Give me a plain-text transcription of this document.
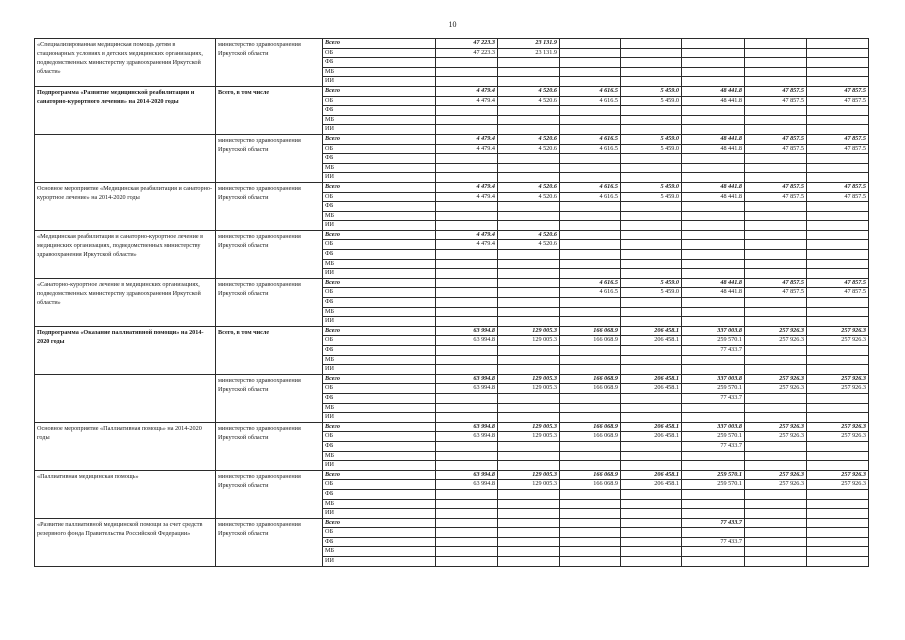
10
«Специализированная медицинская помощь детям в стационарных условиях в детских медицинских организациях, подведомственных министерству здравоохранения Иркутской области»	министерство здравоохранения Иркутской области	Всего	47 223.3	23 131.9					
		ОБ	47 223.3	23 131.9					
		ФБ							
		МБ							
		ИИ							
Подпрограмма «Развитие медицинской реабилитации и санаторно-курортного лечения» на 2014-2020 годы	Всего, в том числе	Всего	4 479.4	4 520.6	4 616.5	5 459.0	48 441.8	47 857.5	47 857.5
		ОБ	4 479.4	4 520.6	4 616.5	5 459.0	48 441.8	47 857.5	47 857.5
		ФБ							
		МБ							
		ИИ							
	министерство здравоохранения Иркутской области	Всего	4 479.4	4 520.6	4 616.5	5 459.0	48 441.8	47 857.5	47 857.5
		ОБ	4 479.4	4 520.6	4 616.5	5 459.0	48 441.8	47 857.5	47 857.5
		ФБ							
		МБ							
		ИИ							
Основное мероприятие «Медицинская реабилитация и санаторно-курортное лечение» на 2014-2020 годы	министерство здравоохранения Иркутской области	Всего	4 479.4	4 520.6	4 616.5	5 459.0	48 441.8	47 857.5	47 857.5
		ОБ	4 479.4	4 520.6	4 616.5	5 459.0	48 441.8	47 857.5	47 857.5
		ФБ							
		МБ							
		ИИ							
«Медицинская реабилитация и санаторно-курортное лечение в медицинских организациях, подведомственных министерству здравоохранения Иркутской области»	министерство здравоохранения Иркутской области	Всего	4 479.4	4 520.6					
		ОБ	4 479.4	4 520.6					
		ФБ							
		МБ							
		ИИ							
«Санаторно-курортное лечение в медицинских организациях, подведомственных министерству здравоохранения Иркутской области»	министерство здравоохранения Иркутской области	Всего			4 616.5	5 459.0	48 441.8	47 857.5	47 857.5
		ОБ			4 616.5	5 459.0	48 441.8	47 857.5	47 857.5
		ФБ							
		МБ							
		ИИ							
Подпрограмма «Оказание паллиативной помощи» на 2014-2020 годы	Всего, в том числе	Всего	63 994.8	129 005.3	166 068.9	206 458.1	337 003.8	257 926.3	257 926.3
		ОБ	63 994.8	129 005.3	166 068.9	206 458.1	259 570.1	257 926.3	257 926.3
		ФБ					77 433.7		
		МБ							
		ИИ							
	министерство здравоохранения Иркутской области	Всего	63 994.8	129 005.3	166 068.9	206 458.1	337 003.8	257 926.3	257 926.3
		ОБ	63 994.8	129 005.3	166 068.9	206 458.1	259 570.1	257 926.3	257 926.3
		ФБ					77 433.7		
		МБ							
		ИИ							
Основное мероприятие «Паллиативная помощь» на 2014-2020 годы	министерство здравоохранения Иркутской области	Всего	63 994.8	129 005.3	166 068.9	206 458.1	337 003.8	257 926.3	257 926.3
		ОБ	63 994.8	129 005.3	166 068.9	206 458.1	259 570.1	257 926.3	257 926.3
		ФБ					77 433.7		
		МБ							
		ИИ							
«Паллиативная медицинская помощь»	министерство здравоохранения Иркутской области	Всего	63 994.8	129 005.3	166 068.9	206 458.1	259 570.1	257 926.3	257 926.3
		ОБ	63 994.8	129 005.3	166 068.9	206 458.1	259 570.1	257 926.3	257 926.3
		ФБ							
		МБ							
		ИИ							
«Развитие паллиативной медицинской помощи за счет средств резервного фонда Правительства Российской Федерации»	министерство здравоохранения Иркутской области	Всего					77 433.7		
		ОБ							
		ФБ					77 433.7		
		МБ							
		ИИ							
